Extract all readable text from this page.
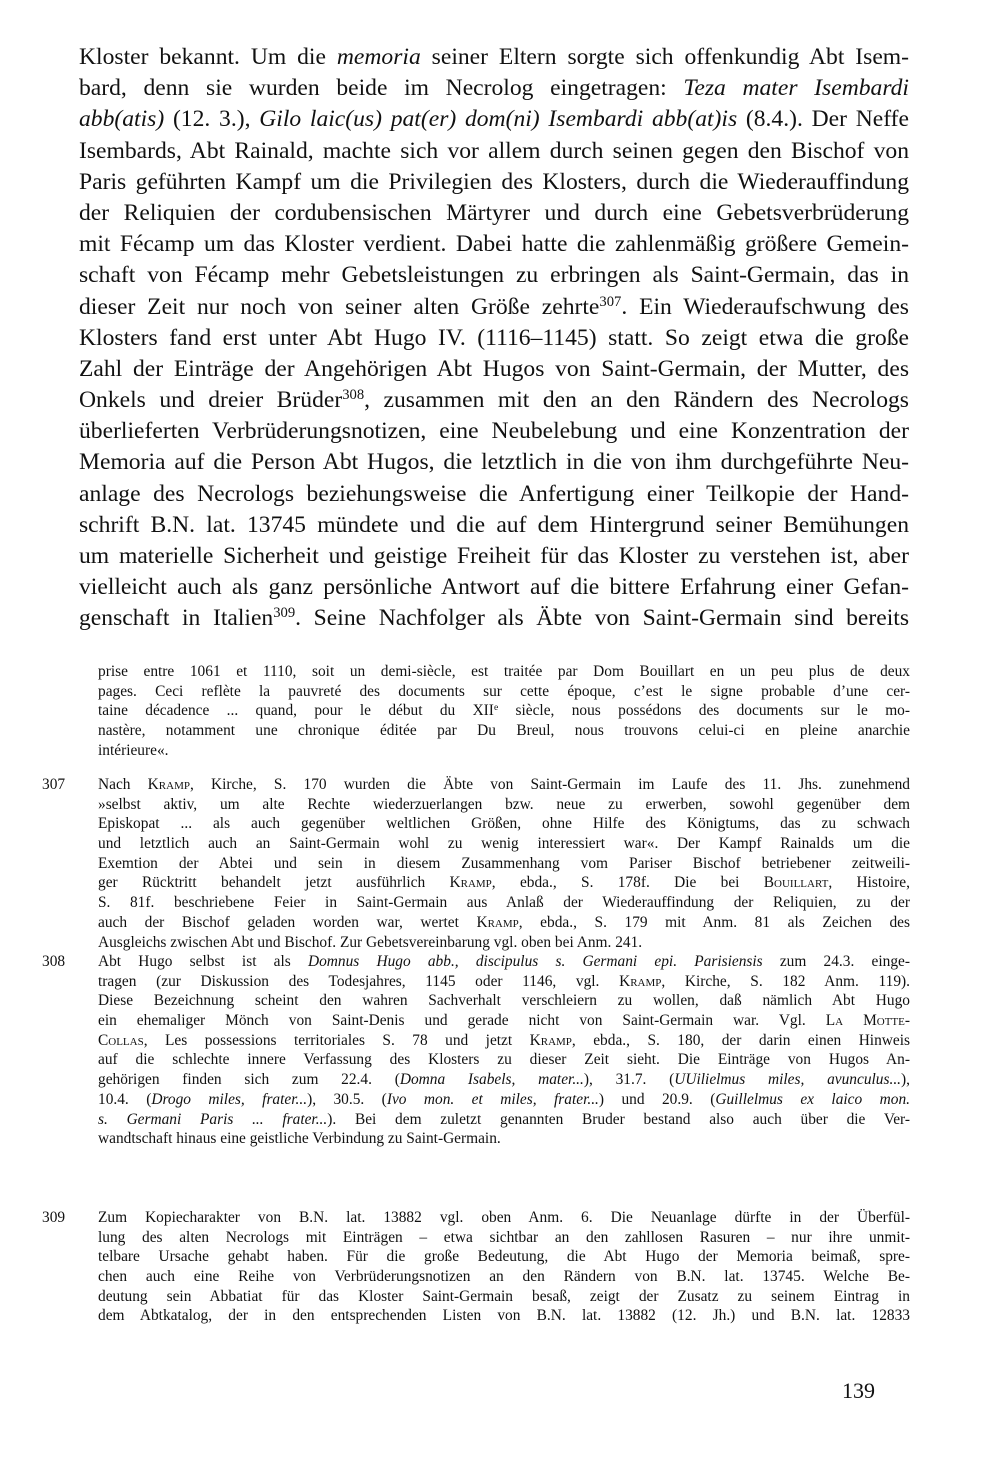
Kloster bekannt. Um die memoria seiner Eltern sorgte sich offenkundig Abt Isem-
bard, denn sie wurden beide im Necrolog eingetragen: Teza mater Isembardi
abb(atis) (12. 3.), Gilo laic(us) pat(er) dom(ni) Isembardi abb(at)is (8.4.). Der Neffe
Isembards, Abt Rainald, machte sich vor allem durch seinen gegen den Bischof von
Paris geführten Kampf um die Privilegien des Klosters, durch die Wiederauffindung
der Reliquien der cordubensischen Märtyrer und durch eine Gebetsverbrüderung
mit Fécamp um das Kloster verdient. Dabei hatte die zahlenmäßig größere Gemein-
schaft von Fécamp mehr Gebetsleistungen zu erbringen als Saint-Germain, das in
dieser Zeit nur noch von seiner alten Größe zehrte$^{307}$. Ein Wiederaufschwung des
Klosters fand erst unter Abt Hugo IV. (1116–1145) statt. So zeigt etwa die große
Zahl der Einträge der Angehörigen Abt Hugos von Saint-Germain, der Mutter, des
Onkels und dreier Brüder$^{308}$, zusammen mit den an den Rändern des Necrologs
überlieferten Verbrüderungsnotizen, eine Neubelebung und eine Konzentration der
Memoria auf die Person Abt Hugos, die letztlich in die von ihm durchgeführte Neu-
anlage des Necrologs beziehungsweise die Anfertigung einer Teilkopie der Hand-
schrift B.N. lat. 13745 mündete und die auf dem Hintergrund seiner Bemühungen
um materielle Sicherheit und geistige Freiheit für das Kloster zu verstehen ist, aber
vielleicht auch als ganz persönliche Antwort auf die bittere Erfahrung einer Gefan-
genschaft in Italien$^{309}$. Seine Nachfolger als Äbte von Saint-Germain sind bereits
prise entre 1061 et 1110, soit un demi-siècle, est traitée par Dom Bouillart en un peu plus de deux
pages. Ceci reflète la pauvreté des documents sur cette époque, c’est le signe probable d’une cer-
taine décadence ... quand, pour le début du XIIe siècle, nous possédons des documents sur le mo-
nastère, notamment une chronique éditée par Du Breul, nous trouvons celui-ci en pleine anarchie
intérieure«.
307	Nach Kramp, Kirche, S. 170 wurden die Äbte von Saint-Germain im Laufe des 11. Jhs. zunehmend
»selbst aktiv, um alte Rechte wiederzuerlangen bzw. neue zu erwerben, sowohl gegenüber dem
Episkopat ... als auch gegenüber weltlichen Größen, ohne Hilfe des Königtums, das zu schwach
und letztlich auch an Saint-Germain wohl zu wenig interessiert war«. Der Kampf Rainalds um die
Exemtion der Abtei und sein in diesem Zusammenhang vom Pariser Bischof betriebener zeitweili-
ger Rücktritt behandelt jetzt ausführlich Kramp, ebda., S. 178f. Die bei Bouillart, Histoire,
S. 81f. beschriebene Feier in Saint-Germain aus Anlaß der Wiederauffindung der Reliquien, zu der
auch der Bischof geladen worden war, wertet Kramp, ebda., S. 179 mit Anm. 81 als Zeichen des
Ausgleichs zwischen Abt und Bischof. Zur Gebetsvereinbarung vgl. oben bei Anm. 241.
308	Abt Hugo selbst ist als Domnus Hugo abb., discipulus s. Germani epi. Parisiensis zum 24.3. einge-
tragen (zur Diskussion des Todesjahres, 1145 oder 1146, vgl. Kramp, Kirche, S. 182 Anm. 119).
Diese Bezeichnung scheint den wahren Sachverhalt verschleiern zu wollen, daß nämlich Abt Hugo
ein ehemaliger Mönch von Saint-Denis und gerade nicht von Saint-Germain war. Vgl. La Motte-
Collas, Les possessions territoriales S. 78 und jetzt Kramp, ebda., S. 180, der darin einen Hinweis
auf die schlechte innere Verfassung des Klosters zu dieser Zeit sieht. Die Einträge von Hugos An-
gehörigen finden sich zum 22.4. (Domna Isabels, mater...), 31.7. (UUilielmus miles, avunculus...),
10.4. (Drogo miles, frater...), 30.5. (Ivo mon. et miles, frater...) und 20.9. (Guillelmus ex laico mon.
s. Germani Paris ... frater...). Bei dem zuletzt genannten Bruder bestand also auch über die Ver-
wandtschaft hinaus eine geistliche Verbindung zu Saint-Germain.
309	Zum Kopiecharakter von B.N. lat. 13882 vgl. oben Anm. 6. Die Neuanlage dürfte in der Überfül-
lung des alten Necrologs mit Einträgen – etwa sichtbar an den zahllosen Rasuren – nur ihre unmit-
telbare Ursache gehabt haben. Für die große Bedeutung, die Abt Hugo der Memoria beimaß, spre-
chen auch eine Reihe von Verbrüderungsnotizen an den Rändern von B.N. lat. 13745. Welche Be-
deutung sein Abbatiat für das Kloster Saint-Germain besaß, zeigt der Zusatz zu seinem Eintrag in
dem Abtkatalog, der in den entsprechenden Listen von B.N. lat. 13882 (12. Jh.) und B.N. lat. 12833
139
